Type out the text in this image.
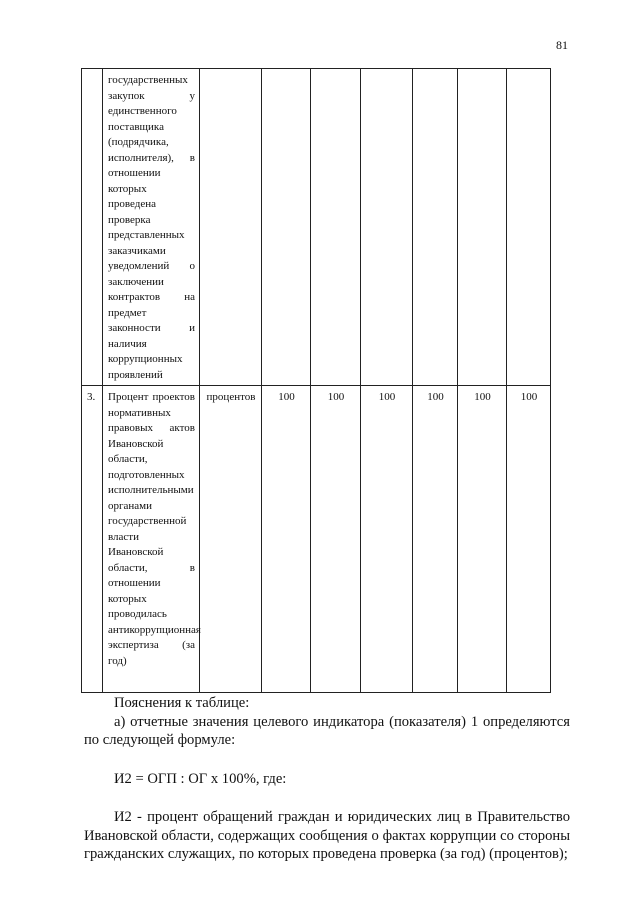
81
	государственных закупок у единственного поставщика (подрядчика, исполнителя), в отношении которых проведена проверка представленных заказчиками уведомлений о заключении контрактов на предмет законности и наличия коррупционных проявлений							
3.	Процент проектов нормативных правовых актов Ивановской области, подготовленных исполнительными органами государственной власти Ивановской области, в отношении которых проводилась антикоррупционная экспертиза (за год)	процентов	100	100	100	100	100	100

Пояснения к таблице:

а) отчетные значения целевого индикатора (показателя) 1 определяются по следующей формуле:

И2 = ОГП : ОГ x 100%, где:

И2 - процент обращений граждан и юридических лиц в Правительство Ивановской области, содержащих сообщения о фактах коррупции со стороны гражданских служащих, по которых проведена проверка (за год) (процентов);
